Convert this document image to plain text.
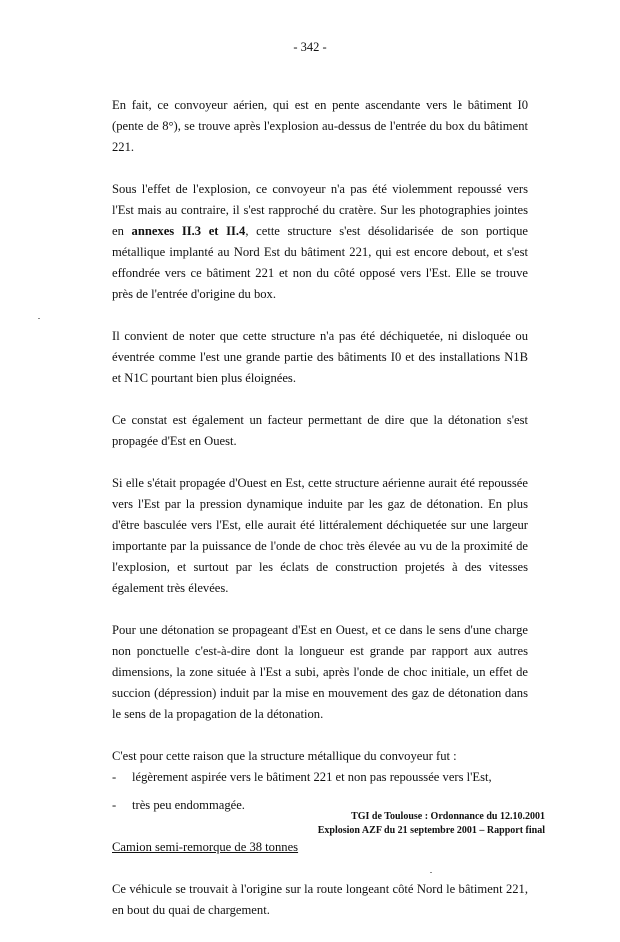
- 342 -

En fait, ce convoyeur aérien, qui est en pente ascendante vers le bâtiment I0 (pente de 8°), se trouve après l'explosion au-dessus de l'entrée du box du bâtiment 221.

Sous l'effet de l'explosion, ce convoyeur n'a pas été violemment repoussé vers l'Est mais au contraire, il s'est rapproché du cratère. Sur les photographies jointes en annexes II.3 et II.4, cette structure s'est désolidarisée de son portique métallique implanté au Nord Est du bâtiment 221, qui est encore debout, et s'est effondrée vers ce bâtiment 221 et non du côté opposé vers l'Est. Elle se trouve près de l'entrée d'origine du box.

Il convient de noter que cette structure n'a pas été déchiquetée, ni disloquée ou éventrée comme l'est une grande partie des bâtiments I0 et des installations N1B et N1C pourtant bien plus éloignées.

Ce constat est également un facteur permettant de dire que la détonation s'est propagée d'Est en Ouest.

Si elle s'était propagée d'Ouest en Est, cette structure aérienne aurait été repoussée vers l'Est par la pression dynamique induite par les gaz de détonation. En plus d'être basculée vers l'Est, elle aurait été littéralement déchiquetée sur une largeur importante par la puissance de l'onde de choc très élevée au vu de la proximité de l'explosion, et surtout par les éclats de construction projetés à des vitesses également très élevées.

Pour une détonation se propageant d'Est en Ouest, et ce dans le sens d'une charge non ponctuelle c'est-à-dire dont la longueur est grande par rapport aux autres dimensions, la zone située à l'Est a subi, après l'onde de choc initiale, un effet de succion (dépression) induit par la mise en mouvement des gaz de détonation dans le sens de la propagation de la détonation.

C'est pour cette raison que la structure métallique du convoyeur fut :

- légèrement aspirée vers le bâtiment 221 et non pas repoussée vers l'Est,
- très peu endommagée.

Camion semi-remorque de 38 tonnes

Ce véhicule se trouvait à l'origine sur la route longeant côté Nord le bâtiment 221, en bout du quai de chargement.

TGI de Toulouse : Ordonnance du 12.10.2001
Explosion AZF du 21 septembre 2001 – Rapport final
